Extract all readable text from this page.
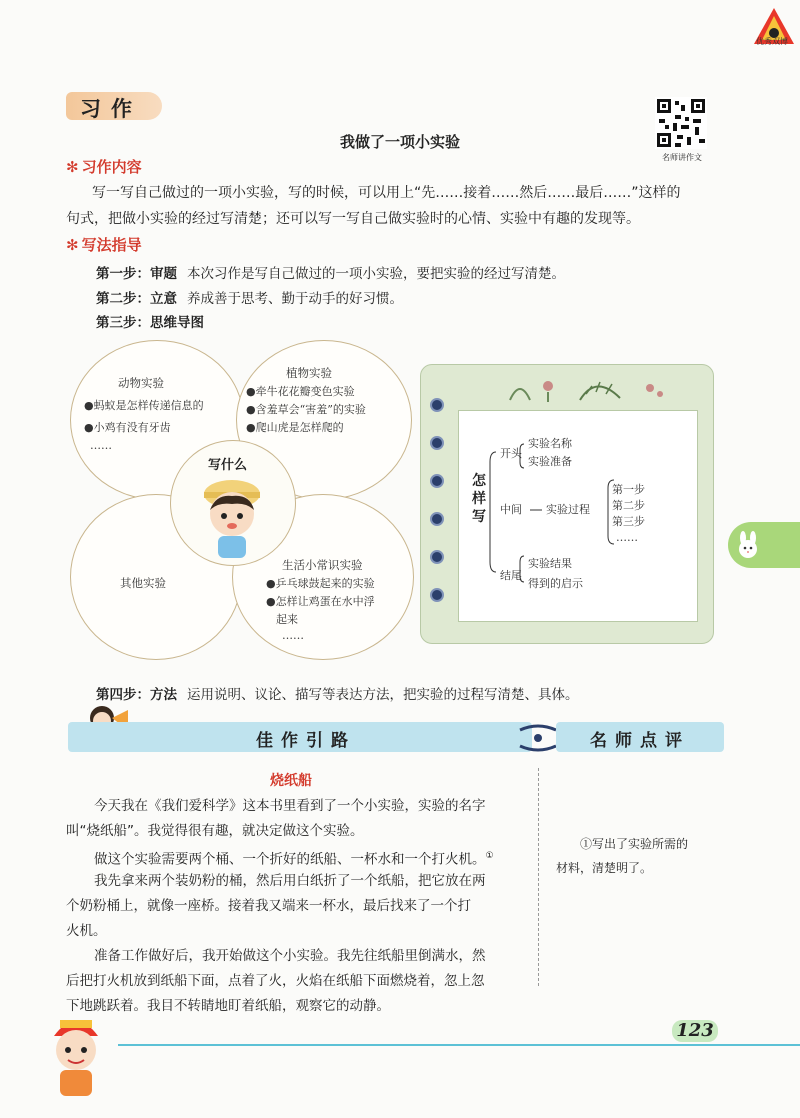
优秀双博
习作
名师讲作文
我做了一项小实验
✻ 习作内容
写一写自己做过的一项小实验，写的时候，可以用上“先……接着……然后……最后……”这样的
句式，把做小实验的经过写清楚；还可以写一写自己做实验时的心情、实验中有趣的发现等。
✻ 写法指导
第一步：审题 本次习作是写自己做过的一项小实验，要把实验的经过写清楚。
第二步：立意 养成善于思考、勤于动手的好习惯。
第三步：思维导图
动物实验
●蚂蚁是怎样传递信息的
●小鸡有没有牙齿
……
植物实验
●牵牛花花瓣变色实验
●含羞草会“害羞”的实验
●爬山虎是怎样爬的
其他实验
生活小常识实验
●乒乓球鼓起来的实验
●怎样让鸡蛋在水中浮
起来
……
写什么
怎样写
开头
实验名称
实验准备
中间 实验过程
第一步
第二步
第三步
……
结尾
实验结果
得到的启示
第四步：方法 运用说明、议论、描写等表达方法，把实验的过程写清楚、具体。
佳作引路	名师点评
烧纸船
今天我在《我们爱科学》这本书里看到了一个小实验，实验的名字
叫“烧纸船”。我觉得很有趣，就决定做这个实验。
做这个实验需要两个桶、一个折好的纸船、一杯水和一个打火机。①
我先拿来两个装奶粉的桶，然后用白纸折了一个纸船，把它放在两
个奶粉桶上，就像一座桥。接着我又端来一杯水，最后找来了一个打
火机。
准备工作做好后，我开始做这个小实验。我先往纸船里倒满水，然
后把打火机放到纸船下面，点着了火，火焰在纸船下面燃烧着，忽上忽
下地跳跃着。我目不转睛地盯着纸船，观察它的动静。
①写出了实验所需的
材料，清楚明了。
123
